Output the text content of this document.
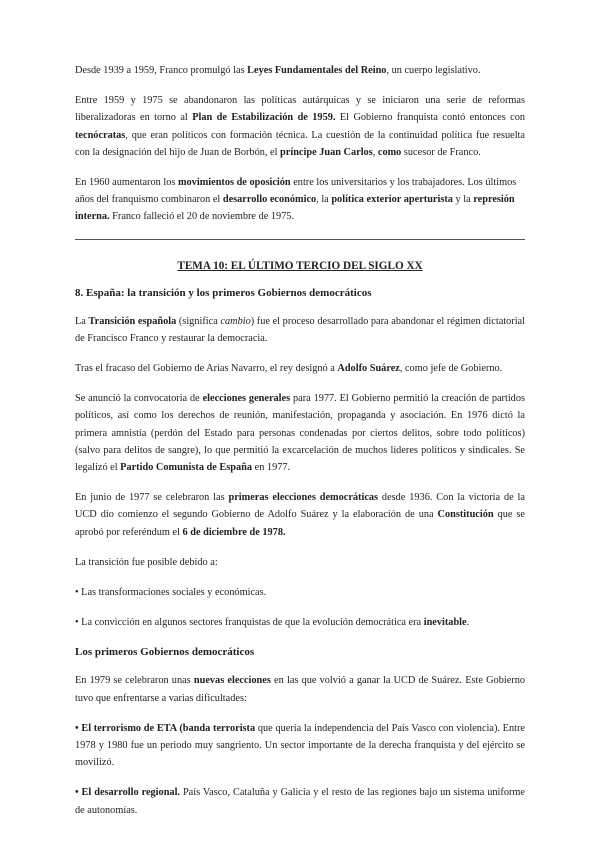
Desde 1939 a 1959, Franco promulgó las Leyes Fundamentales del Reino, un cuerpo legislativo.

Entre 1959 y 1975 se abandonaron las políticas autárquicas y se iniciaron una serie de reformas liberalizadoras en torno al Plan de Estabilización de 1959. El Gobierno franquista contó entonces con tecnócratas, que eran políticos con formación técnica. La cuestión de la continuidad política fue resuelta con la designación del hijo de Juan de Borbón, el príncipe Juan Carlos, como sucesor de Franco.

En 1960 aumentaron los movimientos de oposición entre los universitarios y los trabajadores. Los últimos años del franquismo combinaron el desarrollo económico, la política exterior aperturista y la represión interna. Franco falleció el 20 de noviembre de 1975.

TEMA 10: EL ÚLTIMO TERCIO DEL SIGLO XX
8. España: la transición y los primeros Gobiernos democráticos

La Transición española (significa cambio) fue el proceso desarrollado para abandonar el régimen dictatorial de Francisco Franco y restaurar la democracia.

Tras el fracaso del Gobierno de Arias Navarro, el rey designó a Adolfo Suárez, como jefe de Gobierno.

Se anunció la convocatoria de elecciones generales para 1977. El Gobierno permitió la creación de partidos políticos, así como los derechos de reunión, manifestación, propaganda y asociación. En 1976 dictó la primera amnistía (perdón del Estado para personas condenadas por ciertos delitos, sobre todo políticos) (salvo para delitos de sangre), lo que permitió la excarcelación de muchos líderes políticos y sindicales. Se legalizó el Partido Comunista de España en 1977.

En junio de 1977 se celebraron las primeras elecciones democráticas desde 1936. Con la victoria de la UCD dio comienzo el segundo Gobierno de Adolfo Suárez y la elaboración de una Constitución que se aprobó por referéndum el 6 de diciembre de 1978.

La transición fue posible debido a:

• Las transformaciones sociales y económicas.

• La convicción en algunos sectores franquistas de que la evolución democrática era inevitable.

Los primeros Gobiernos democráticos

En 1979 se celebraron unas nuevas elecciones en las que volvió a ganar la UCD de Suárez. Este Gobierno tuvo que enfrentarse a varias dificultades:

• El terrorismo de ETA (banda terrorista que quería la independencia del País Vasco con violencia). Entre 1978 y 1980 fue un periodo muy sangriento. Un sector importante de la derecha franquista y del ejército se movilizó.

• El desarrollo regional. País Vasco, Cataluña y Galicia y el resto de las regiones bajo un sistema uniforme de autonomías.
